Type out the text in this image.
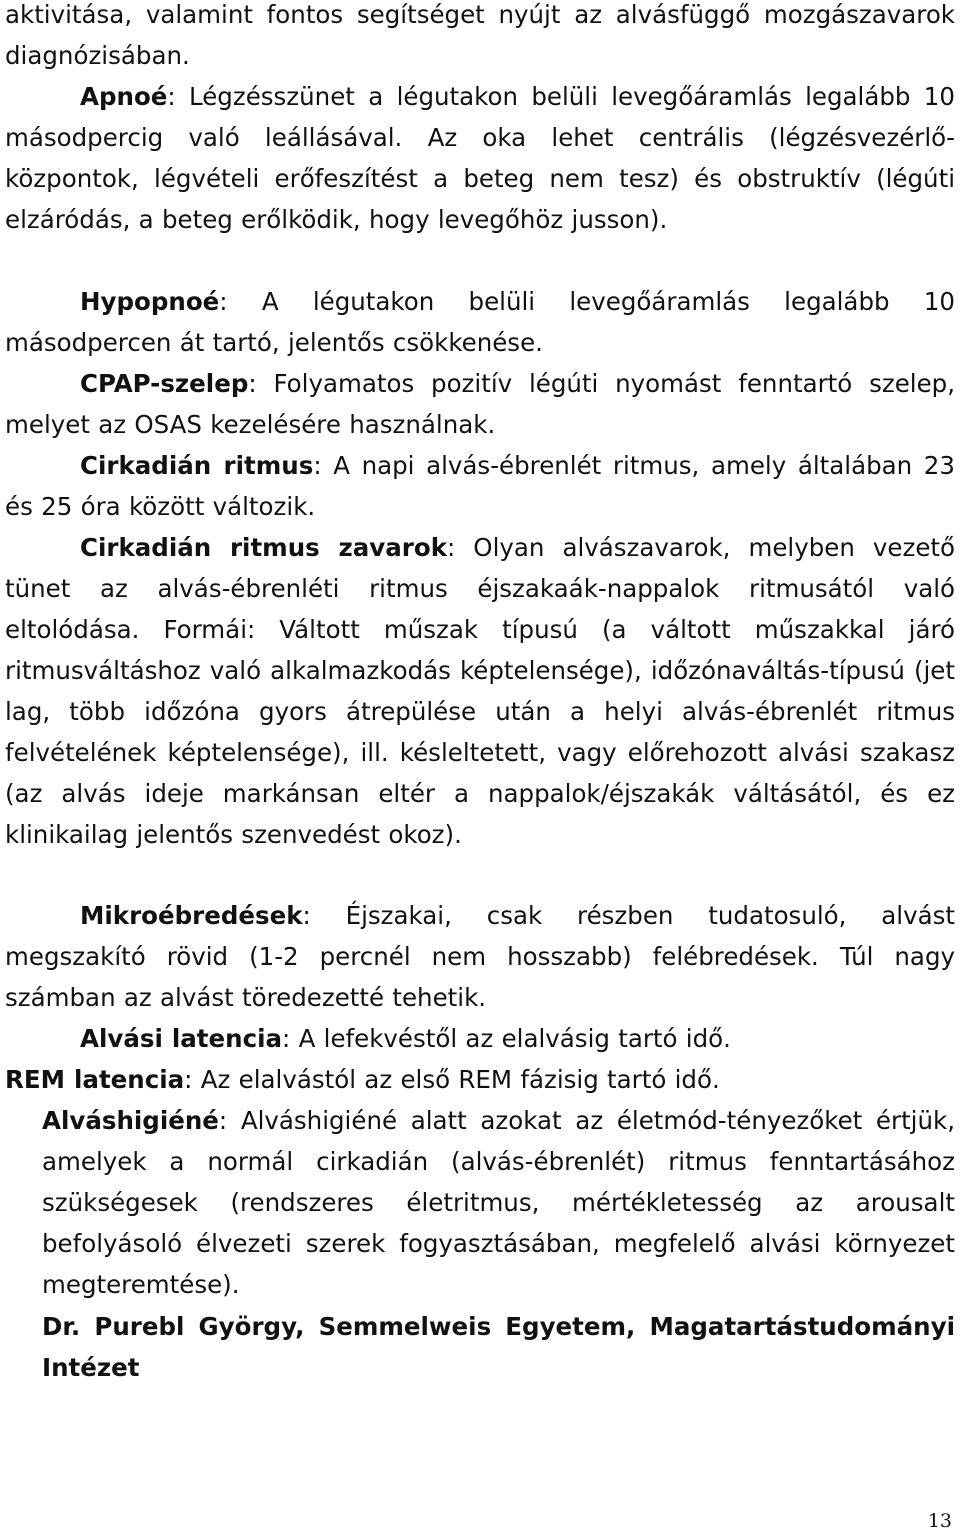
aktivitása, valamint fontos segítséget nyújt az alvásfüggő mozgászavarok diagnózisában.

Apnoé: Légzésszünet a légutakon belüli levegőáramlás legalább 10 másodpercig való leállásával. Az oka lehet centrális (légzésvezérlő-központok, légvételi erőfeszítést a beteg nem tesz) és obstruktív (légúti elzáródás, a beteg erőlködik, hogy levegőhöz jusson).

Hypopnoé: A légutakon belüli levegőáramlás legalább 10 másodpercen át tartó, jelentős csökkenése.

CPAP-szelep: Folyamatos pozitív légúti nyomást fenntartó szelep, melyet az OSAS kezelésére használnak.

Cirkadián ritmus: A napi alvás-ébrenlét ritmus, amely általában 23 és 25 óra között változik.

Cirkadián ritmus zavarok: Olyan alvászavarok, melyben vezető tünet az alvás-ébrenléti ritmus éjszakaák-nappalok ritmusától való eltolódása. Formái: Váltott műszak típusú (a váltott műszakkal járó ritmusváltáshoz való alkalmazkodás képtelensége), időzónaváltás-típusú (jet lag, több időzóna gyors átrepülése után a helyi alvás-ébrenlét ritmus felvételének képtelensége), ill. késleltetett, vagy előrehozott alvási szakasz (az alvás ideje markánsan eltér a nappalok/éjszakák váltásától, és ez klinikailag jelentős szenvedést okoz).

Mikroébredések: Éjszakai, csak részben tudatosuló, alvást megszakító rövid (1-2 percnél nem hosszabb) felébredések. Túl nagy számban az alvást töredezetté tehetik.

Alvási latencia: A lefekvéstől az elalvásig tartó idő.

REM latencia: Az elalvástól az első REM fázisig tartó idő.

Alváshigiéné: Alváshigiéné alatt azokat az életmód-tényezőket értjük, amelyek a normál cirkadián (alvás-ébrenlét) ritmus fenntartásához szükségesek (rendszeres életritmus, mértékletesség az arousalt befolyásoló élvezeti szerek fogyasztásában, megfelelő alvási környezet megteremtése).

Dr. Purebl György, Semmelweis Egyetem, Magatartástudományi Intézet

13
